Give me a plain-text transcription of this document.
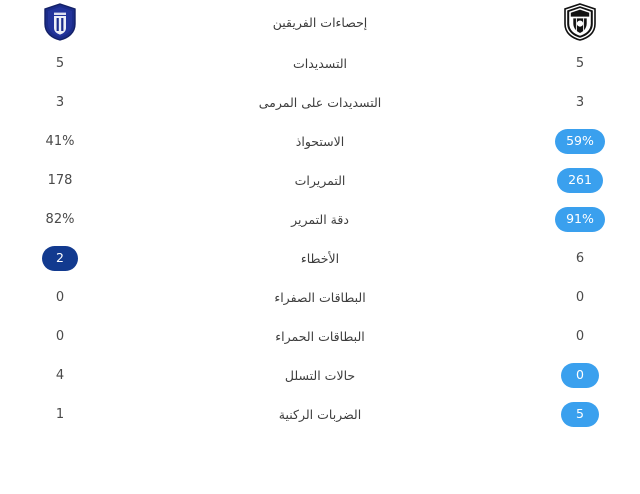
إحصاءات الفريقين
5
التسديدات
5
3
التسديدات على المرمى
3
59%
الاستحواذ
41%
261
التمريرات
178
91%
دقة التمرير
82%
6
الأخطاء
2
0
البطاقات الصفراء
0
0
البطاقات الحمراء
0
0
حالات التسلل
4
5
الضربات الركنية
1
